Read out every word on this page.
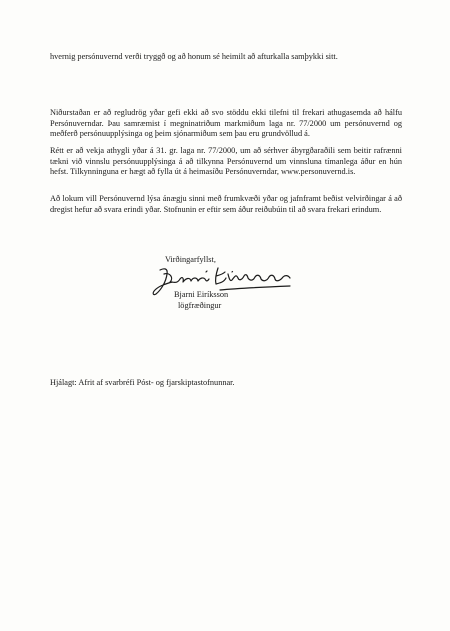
hvernig persónuvernd verði tryggð og að honum sé heimilt að afturkalla samþykki sitt.

Niðurstaðan er að regludrög yðar gefi ekki að svo stöddu ekki tilefni til frekari athugasemda að hálfu Persónuverndar. Þau samræmist í megninatriðum markmiðum laga nr. 77/2000 um persónuvernd og meðferð persónuupplýsinga og þeim sjónarmiðum sem þau eru grundvöllud á.

Rétt er að vekja athygli yðar á 31. gr. laga nr. 77/2000, um að sérhver ábyrgðaraðili sem beitir rafrænni tækni við vinnslu persónuupplýsinga á að tilkynna Persónuvernd um vinnsluna tímanlega áður en hún hefst. Tilkynninguna er hægt að fylla út á heimasíðu Persónuverndar, www.personuvernd.is.

Að lokum vill Persónuvernd lýsa ánægju sinni með frumkvæði yðar og jafnframt beðist velvirðingar á að dregist hefur að svara erindi yðar. Stofnunin er eftir sem áður reiðubúin til að svara frekari erindum.

Virðingarfyllst,
Bjarni Eiríksson
lögfræðingur

Hjálagt: Afrit af svarbréfi Póst- og fjarskiptastofnunnar.
